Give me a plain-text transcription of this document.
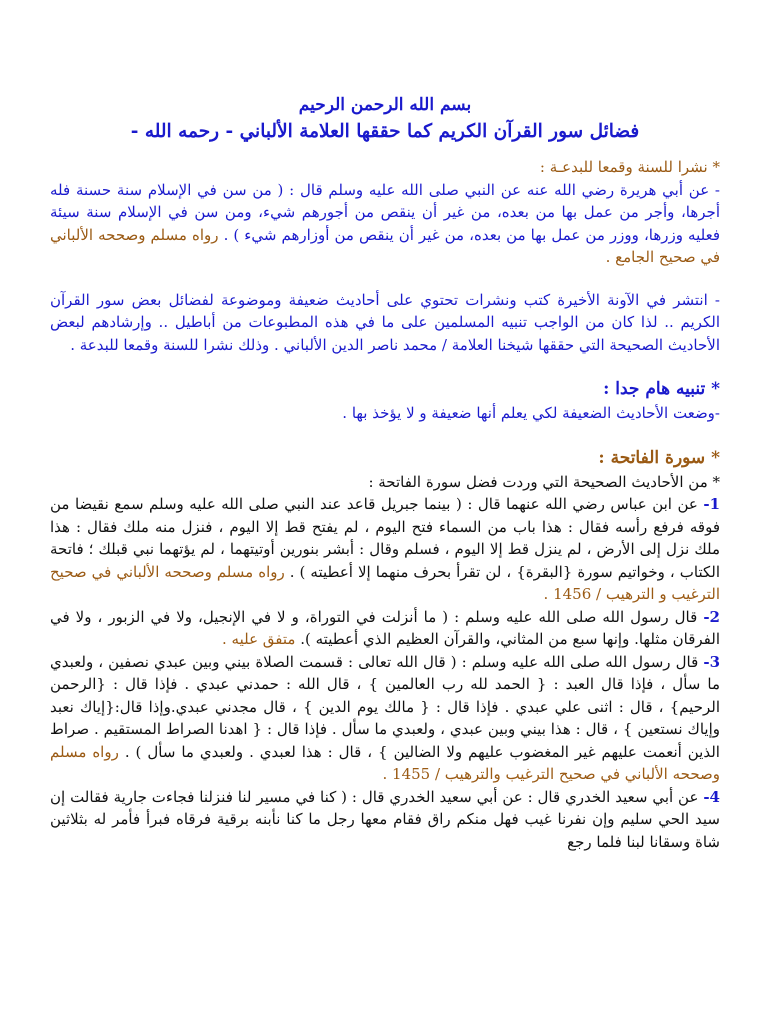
بسم الله الرحمن الرحيم

فضائل سور القرآن الكريم كما حققها العلامة الألباني - رحمه الله -

* نشرا للسنة وقمعا للبدعـة :

- عن أبي هريرة رضي الله عنه عن النبي صلى الله عليه وسلم قال : ( من سن في الإسلام سنة حسنة فله أجرها، وأجر من عمل بها من بعده، من غير أن ينقص من أجورهم شيء، ومن سن في الإسلام سنة سيئة فعليه وزرها، ووزر من عمل بها من بعده، من غير أن ينقص من أوزارهم شيء ) . رواه مسلم وصححه الألباني في صحيح الجامع .

- انتشر في الآونة الأخيرة كتب ونشرات تحتوي على أحاديث ضعيفة وموضوعة لفضائل بعض سور القرآن الكريم .. لذا كان من الواجب تنبيه المسلمين على ما في هذه المطبوعات من أباطيل .. وإرشادهم لبعض الأحاديث الصحيحة التي حققها شيخنا العلامة / محمد ناصر الدين الألباني . وذلك نشرا للسنة وقمعا للبدعة .

* تنبيه هام جدا :

-وضعت الأحاديث الضعيفة لكي يعلم أنها ضعيفة و لا يؤخذ بها .

* سورة الفاتحة :

* من الأحاديث الصحيحة التي وردت فضل سورة الفاتحة :

1- عن ابن عباس رضي الله عنهما قال : ( بينما جبريل قاعد عند النبي صلى الله عليه وسلم سمع نقيضا من فوقه فرفع رأسه فقال : هذا باب من السماء فتح اليوم ، لم يفتح قط إلا اليوم ، فنزل منه ملك فقال : هذا ملك نزل إلى الأرض ، لم ينزل قط إلا اليوم ، فسلم وقال : أبشر بنورين أوتيتهما ، لم يؤتهما نبي قبلك ؛ فاتحة الكتاب ، وخواتيم سورة {البقرة} ، لن تقرأ بحرف منهما إلا أعطيته ) . رواه مسلم وصححه الألباني في صحيح الترغيب و الترهيب / 1456 .

2- قال رسول الله صلى الله عليه وسلم : ( ما أنزلت في التوراة، و لا في الإنجيل، ولا في الزبور ، ولا في الفرقان مثلها. وإنها سبع من المثاني، والقرآن العظيم الذي أعطيته ). متفق عليه .

3- قال رسول الله صلى الله عليه وسلم : ( قال الله تعالى : قسمت الصلاة بيني وبين عبدي نصفين ، ولعبدي ما سأل ، فإذا قال العبد : { الحمد لله رب العالمين } ، قال الله : حمدني عبدي . فإذا قال : {الرحمن الرحيم} ، قال : اثنى علي عبدي . فإذا قال : { مالك يوم الدين } ، قال مجدني عبدي.وإذا قال:{إياك نعبد وإياك نستعين } ، قال : هذا بيني وبين عبدي ، ولعبدي ما سأل . فإذا قال : { اهدنا الصراط المستقيم . صراط الذين أنعمت عليهم غير المغضوب عليهم ولا الضالين } ، قال : هذا لعبدي . ولعبدي ما سأل ) . رواه مسلم وصححه الألباني في صحيح الترغيب والترهيب / 1455 .

4- عن أبي سعيد الخدري قال : عن أبي سعيد الخدري قال : ( كنا في مسير لنا فنزلنا فجاءت جارية فقالت إن سيد الحي سليم وإن نفرنا غيب فهل منكم راق فقام معها رجل ما كنا نأبنه برقية فرقاه فبرأ فأمر له بثلاثين شاة وسقانا لبنا فلما رجع
